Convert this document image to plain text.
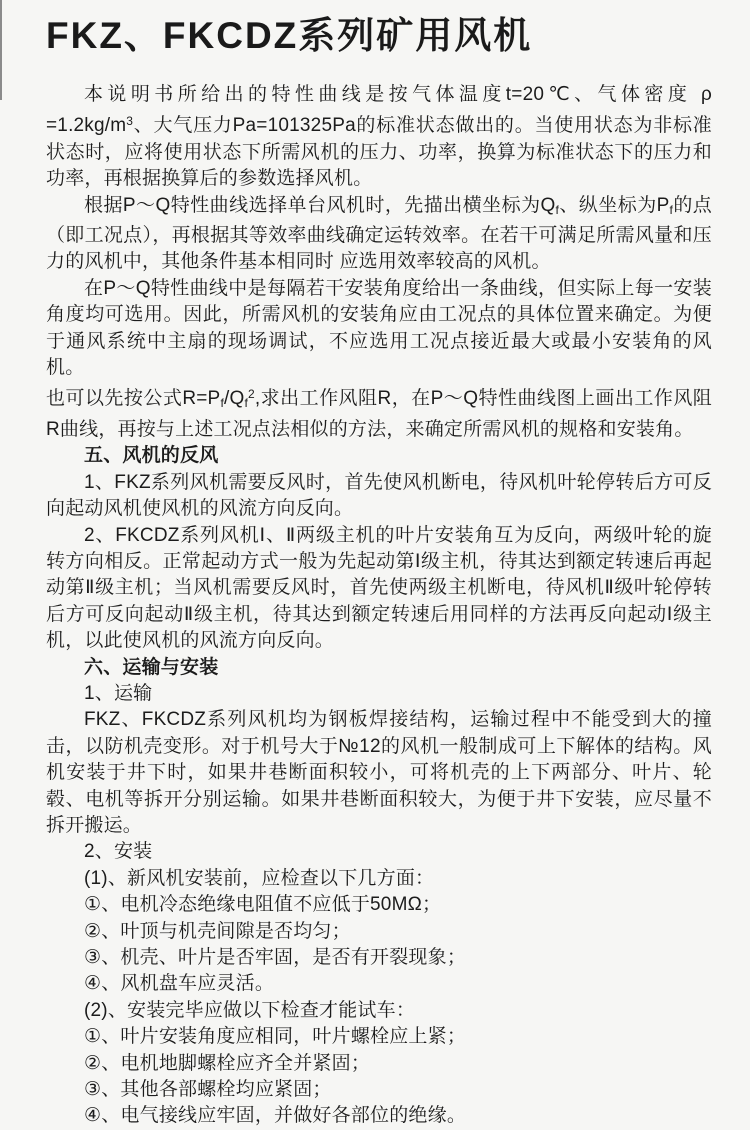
FKZ、FKCDZ系列矿用风机

本说明书所给出的特性曲线是按气体温度t=20℃、气体密度 $\rho =1.2kg/m^3$、大气压力Pa=101325Pa的标准状态做出的。当使用状态为非标准状态时，应将使用状态下所需风机的压力、功率，换算为标准状态下的压力和功率，再根据换算后的参数选择风机。

根据P～Q特性曲线选择单台风机时，先描出横坐标为$Q_f$、纵坐标为$P_f$的点（即工况点），再根据其等效率曲线确定运转效率。在若干可满足所需风量和压力的风机中，其他条件基本相同时 应选用效率较高的风机。

在P～Q特性曲线中是每隔若干安装角度给出一条曲线，但实际上每一安装角度均可选用。因此，所需风机的安装角应由工况点的具体位置来确定。为便于通风系统中主扇的现场调试，不应选用工况点接近最大或最小安装角的风机。

也可以先按公式$R=P_f/Q_f^2$,求出工作风阻R，在P～Q特性曲线图上画出工作风阻R曲线，再按与上述工况点法相似的方法，来确定所需风机的规格和安装角。

五、风机的反风

1、FKZ系列风机需要反风时，首先使风机断电，待风机叶轮停转后方可反向起动风机使风机的风流方向反向。

2、FKCDZ系列风机Ⅰ、Ⅱ两级主机的叶片安装角互为反向，两级叶轮的旋转方向相反。正常起动方式一般为先起动第Ⅰ级主机，待其达到额定转速后再起动第Ⅱ级主机；当风机需要反风时，首先使两级主机断电，待风机Ⅱ级叶轮停转后方可反向起动Ⅱ级主机，待其达到额定转速后用同样的方法再反向起动Ⅰ级主机，以此使风机的风流方向反向。

六、运输与安装

1、运输

FKZ、FKCDZ系列风机均为钢板焊接结构，运输过程中不能受到大的撞击，以防机壳变形。对于机号大于№12的风机一般制成可上下解体的结构。风机安装于井下时，如果井巷断面积较小，可将机壳的上下两部分、叶片、轮毂、电机等拆开分别运输。如果井巷断面积较大，为便于井下安装，应尽量不拆开搬运。

2、安装

(1)、新风机安装前，应检查以下几方面：

①、电机冷态绝缘电阻值不应低于50MΩ；

②、叶顶与机壳间隙是否均匀；

③、机壳、叶片是否牢固，是否有开裂现象；

④、风机盘车应灵活。

(2)、安装完毕应做以下检查才能试车：

①、叶片安装角度应相同，叶片螺栓应上紧；

②、电机地脚螺栓应齐全并紧固；

③、其他各部螺栓均应紧固；

④、电气接线应牢固，并做好各部位的绝缘。
